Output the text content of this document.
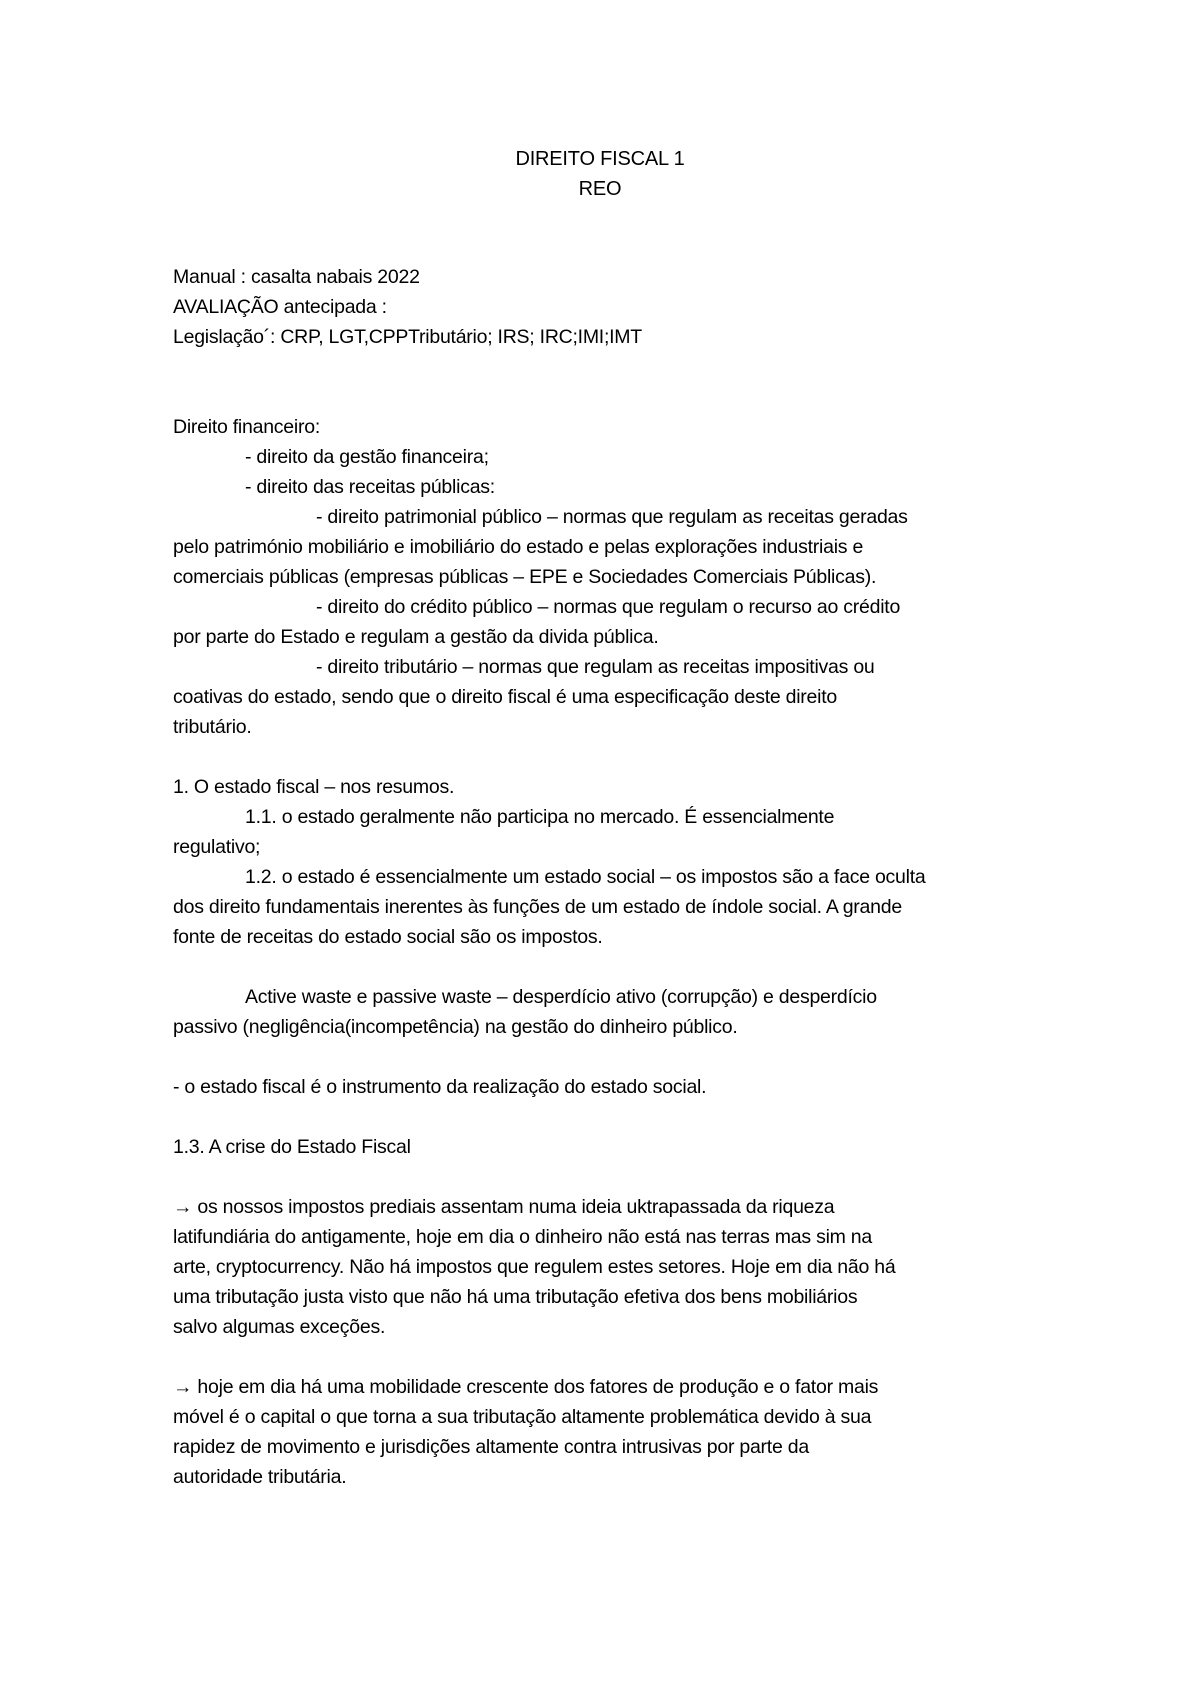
DIREITO FISCAL 1
REO
Manual : casalta nabais 2022
AVALIAÇÃO antecipada :
Legislação´: CRP, LGT,CPPTributário; IRS; IRC;IMI;IMT
Direito financeiro:
- direito da gestão financeira;
- direito das receitas públicas:
- direito patrimonial público – normas que regulam as receitas geradas
pelo património mobiliário e imobiliário do estado e pelas explorações industriais e
comerciais públicas (empresas públicas – EPE e Sociedades Comerciais Públicas).
- direito do crédito público – normas que regulam o recurso ao crédito
por parte do Estado e regulam a gestão da divida pública.
- direito tributário – normas que regulam as receitas impositivas ou
coativas do estado, sendo que o direito fiscal é uma especificação deste direito
tributário.
1. O estado fiscal – nos resumos.
1.1. o estado geralmente não participa no mercado. É essencialmente
regulativo;
1.2. o estado é essencialmente um estado social – os impostos são a face oculta
dos direito fundamentais inerentes às funções de um estado de índole social. A grande
fonte de receitas do estado social são os impostos.
Active waste e passive waste – desperdício ativo (corrupção) e desperdício
passivo (negligência(incompetência) na gestão do dinheiro público.
- o estado fiscal é o instrumento da realização do estado social.
1.3. A crise do Estado Fiscal
→ os nossos impostos prediais assentam numa ideia uktrapassada da riqueza
latifundiária do antigamente, hoje em dia o dinheiro não está nas terras mas sim na
arte, cryptocurrency. Não há impostos que regulem estes setores. Hoje em dia não há
uma tributação justa visto que não há uma tributação efetiva dos bens mobiliários
salvo algumas exceções.
→ hoje em dia há uma mobilidade crescente dos fatores de produção e o fator mais
móvel é o capital o que torna a sua tributação altamente problemática devido à sua
rapidez de movimento e jurisdições altamente contra intrusivas por parte da
autoridade tributária.
